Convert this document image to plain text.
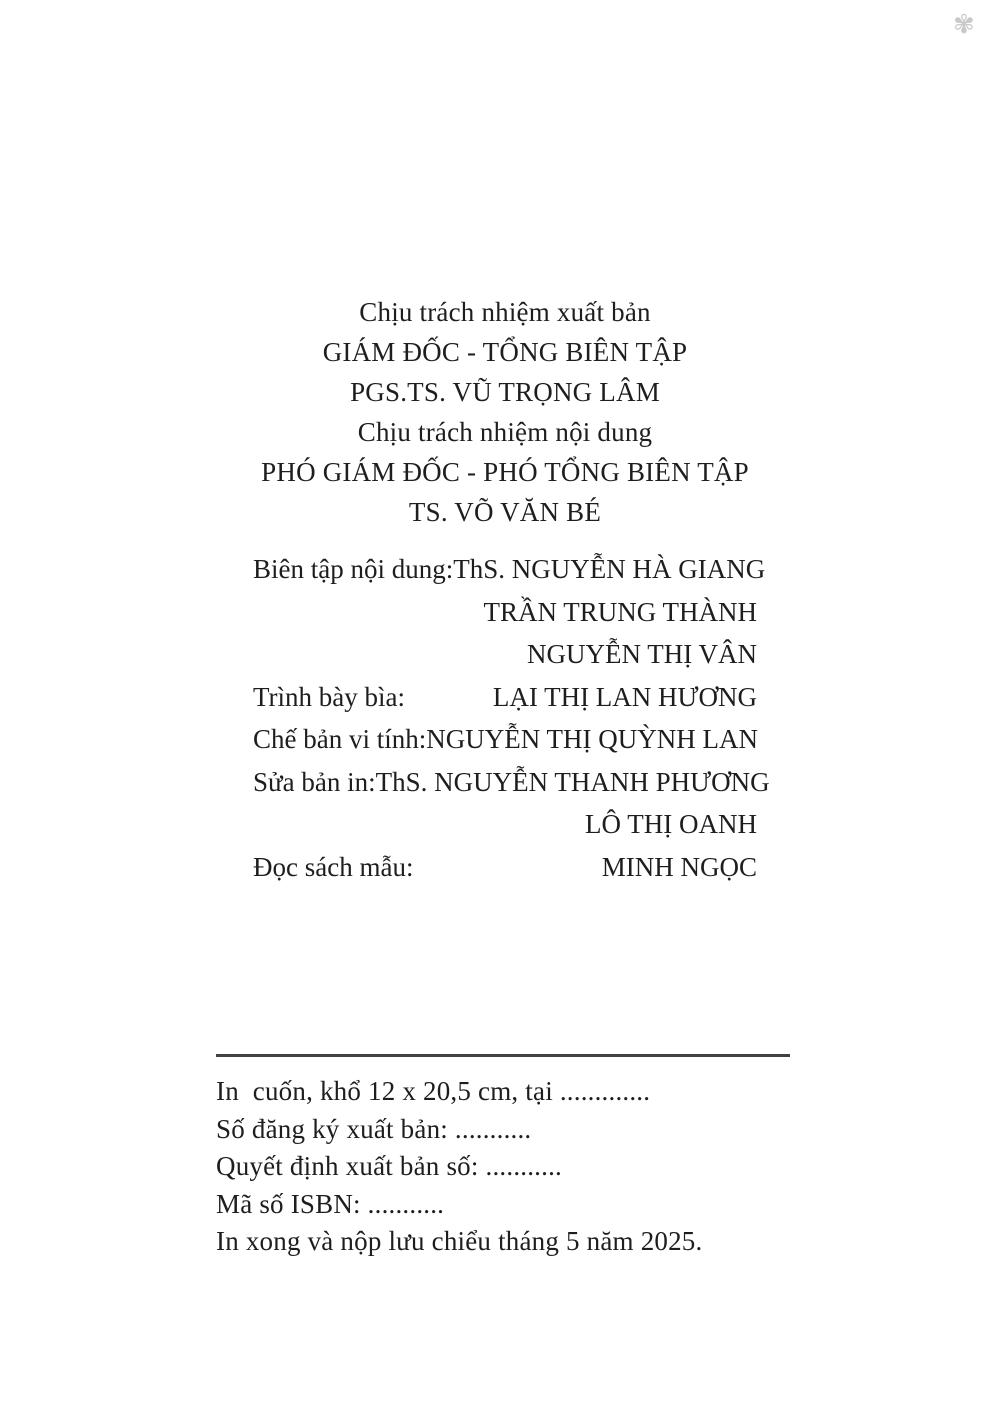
✾
Chịu trách nhiệm xuất bản
GIÁM ĐỐC - TỔNG BIÊN TẬP
PGS.TS. VŨ TRỌNG LÂM
Chịu trách nhiệm nội dung
PHÓ GIÁM ĐỐC - PHÓ TỔNG BIÊN TẬP
TS. VÕ VĂN BÉ
Biên tập nội dung: ThS. NGUYỄN HÀ GIANG
TRẦN TRUNG THÀNH
NGUYỄN THỊ VÂN
Trình bày bìa:	LẠI THỊ LAN HƯƠNG
Chế bản vi tính: NGUYỄN THỊ QUỲNH LAN
Sửa bản in: ThS. NGUYỄN THANH PHƯƠNG
LÔ THỊ OANH
Đọc sách mẫu:	MINH NGỌC
In  cuốn, khổ 12 x 20,5 cm, tại .............
Số đăng ký xuất bản: ...........
Quyết định xuất bản số: ...........
Mã số ISBN: ...........
In xong và nộp lưu chiểu tháng 5 năm 2025.
